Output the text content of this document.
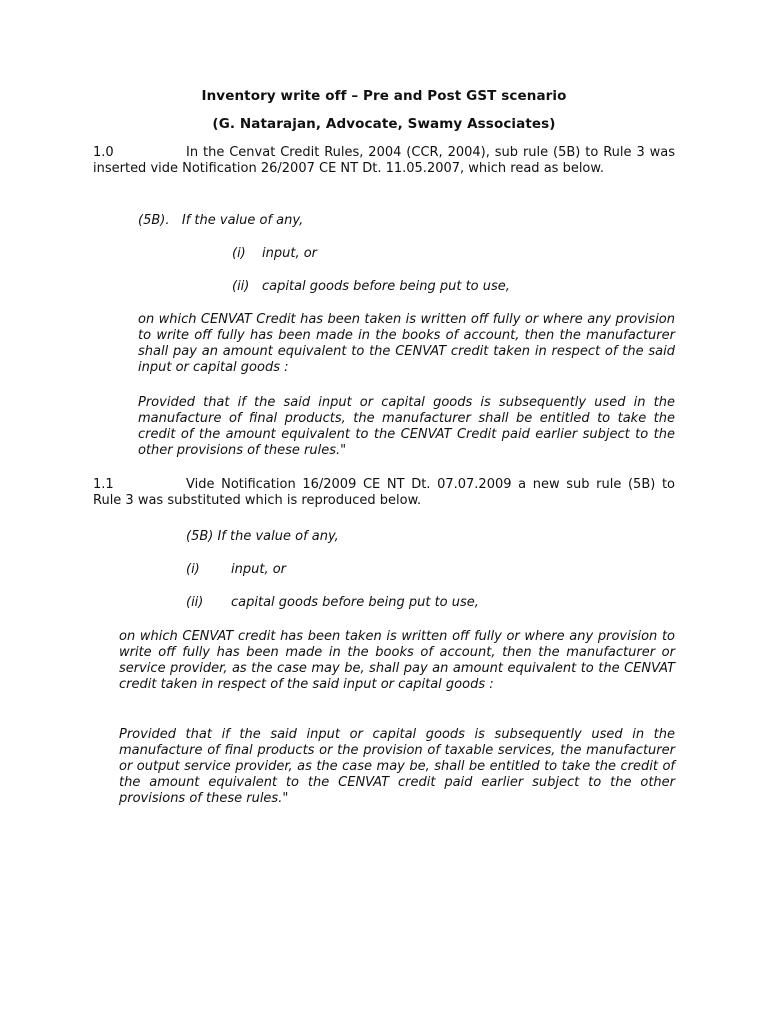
Inventory write off – Pre and Post GST scenario
(G. Natarajan, Advocate, Swamy Associates)
1.0	In the Cenvat Credit Rules, 2004 (CCR, 2004), sub rule (5B) to Rule 3 was inserted vide Notification 26/2007 CE NT Dt. 11.05.2007, which read as below.
(5B).   If the value of any,
(i) input, or
(ii) capital goods before being put to use,
on which CENVAT Credit has been taken is written off fully or where any provision to write off fully has been made in the books of account, then the manufacturer shall pay an amount equivalent to the CENVAT credit taken in respect of the said input or capital goods :
Provided that if the said input or capital goods is subsequently used in the manufacture of final products, the manufacturer shall be entitled to take the credit of the amount equivalent to the CENVAT Credit paid earlier subject to the other provisions of these rules."
1.1	Vide Notification 16/2009 CE NT Dt. 07.07.2009 a new sub rule (5B) to Rule 3 was substituted which is reproduced below.
(5B) If the value of any,
(i) input, or
(ii) capital goods before being put to use,
on which CENVAT credit has been taken is written off fully or where any provision to write off fully has been made in the books of account, then the manufacturer or service provider, as the case may be, shall pay an amount equivalent to the CENVAT credit taken in respect of the said input or capital goods :
Provided that if the said input or capital goods is subsequently used in the manufacture of final products or the provision of taxable services, the manufacturer or output service provider, as the case may be, shall be entitled to take the credit of the amount equivalent to the CENVAT credit paid earlier subject to the other provisions of these rules."
